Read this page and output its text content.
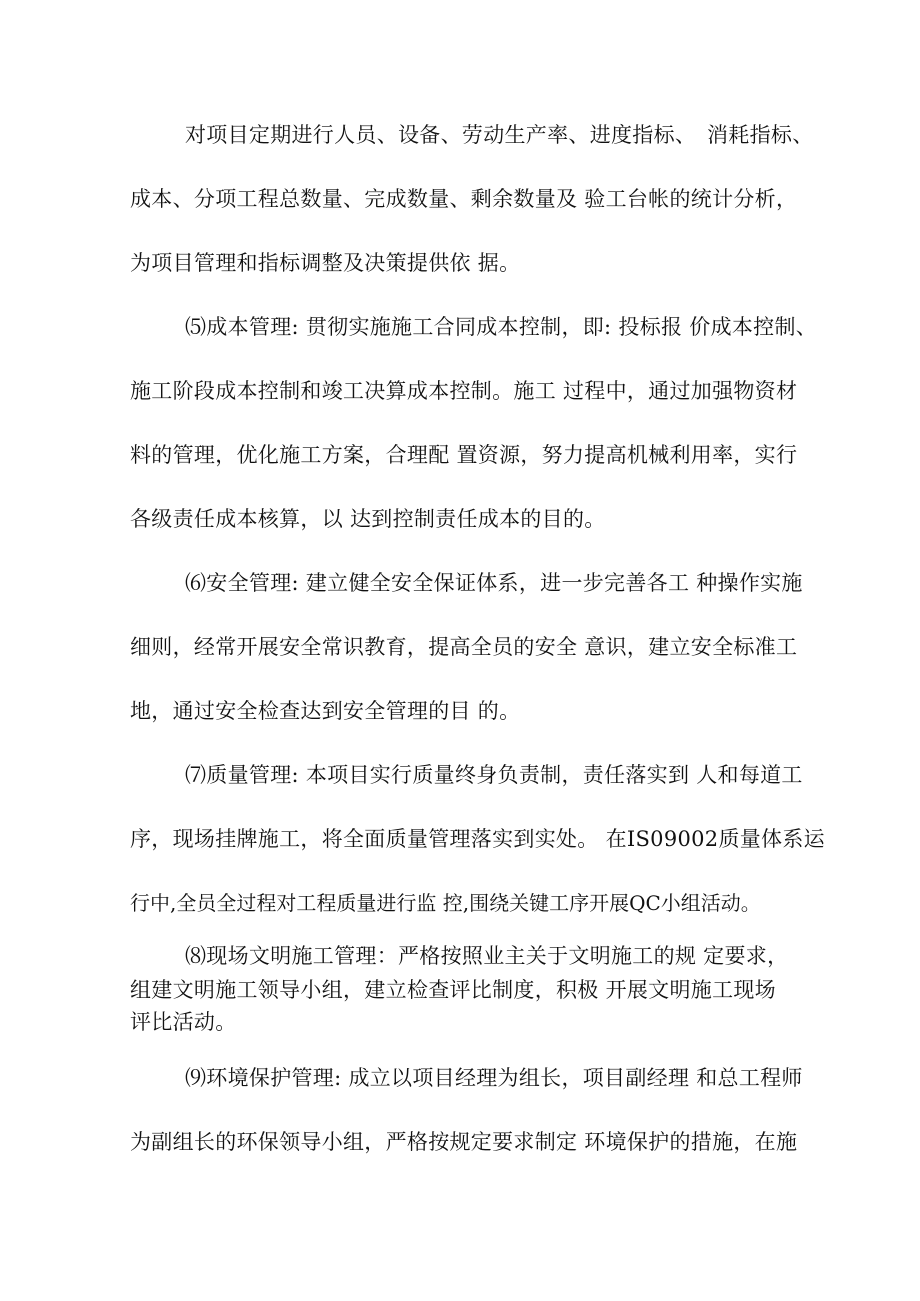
对项目定期进行人员、设备、劳动生产率、进度指标、　消耗指标、
成本、分项工程总数量、完成数量、剩余数量及 验工台帐的统计分析，
为项目管理和指标调整及决策提供依 据。
⑸成本管理: 贯彻实施施工合同成本控制，即: 投标报 价成本控制、
施工阶段成本控制和竣工决算成本控制。施工 过程中，通过加强物资材
料的管理，优化施工方案，合理配 置资源，努力提高机械利用率，实行
各级责任成本核算，以 达到控制责任成本的目的。
⑹安全管理: 建立健全安全保证体系，进一步完善各工 种操作实施
细则，经常开展安全常识教育，提高全员的安全 意识，建立安全标准工
地，通过安全检查达到安全管理的目 的。
⑺质量管理: 本项目实行质量终身负责制，责任落实到 人和每道工
序，现场挂牌施工，将全面质量管理落实到实处。 在IS09002质量体系运
行中,全员全过程对工程质量进行监 控,围绕关键工序开展QC小组活动。
⑻现场文明施工管理：严格按照业主关于文明施工的规 定要求，
组建文明施工领导小组，建立检查评比制度，积极 开展文明施工现场
评比活动。
⑼环境保护管理: 成立以项目经理为组长，项目副经理 和总工程师
为副组长的环保领导小组，严格按规定要求制定 环境保护的措施，在施
